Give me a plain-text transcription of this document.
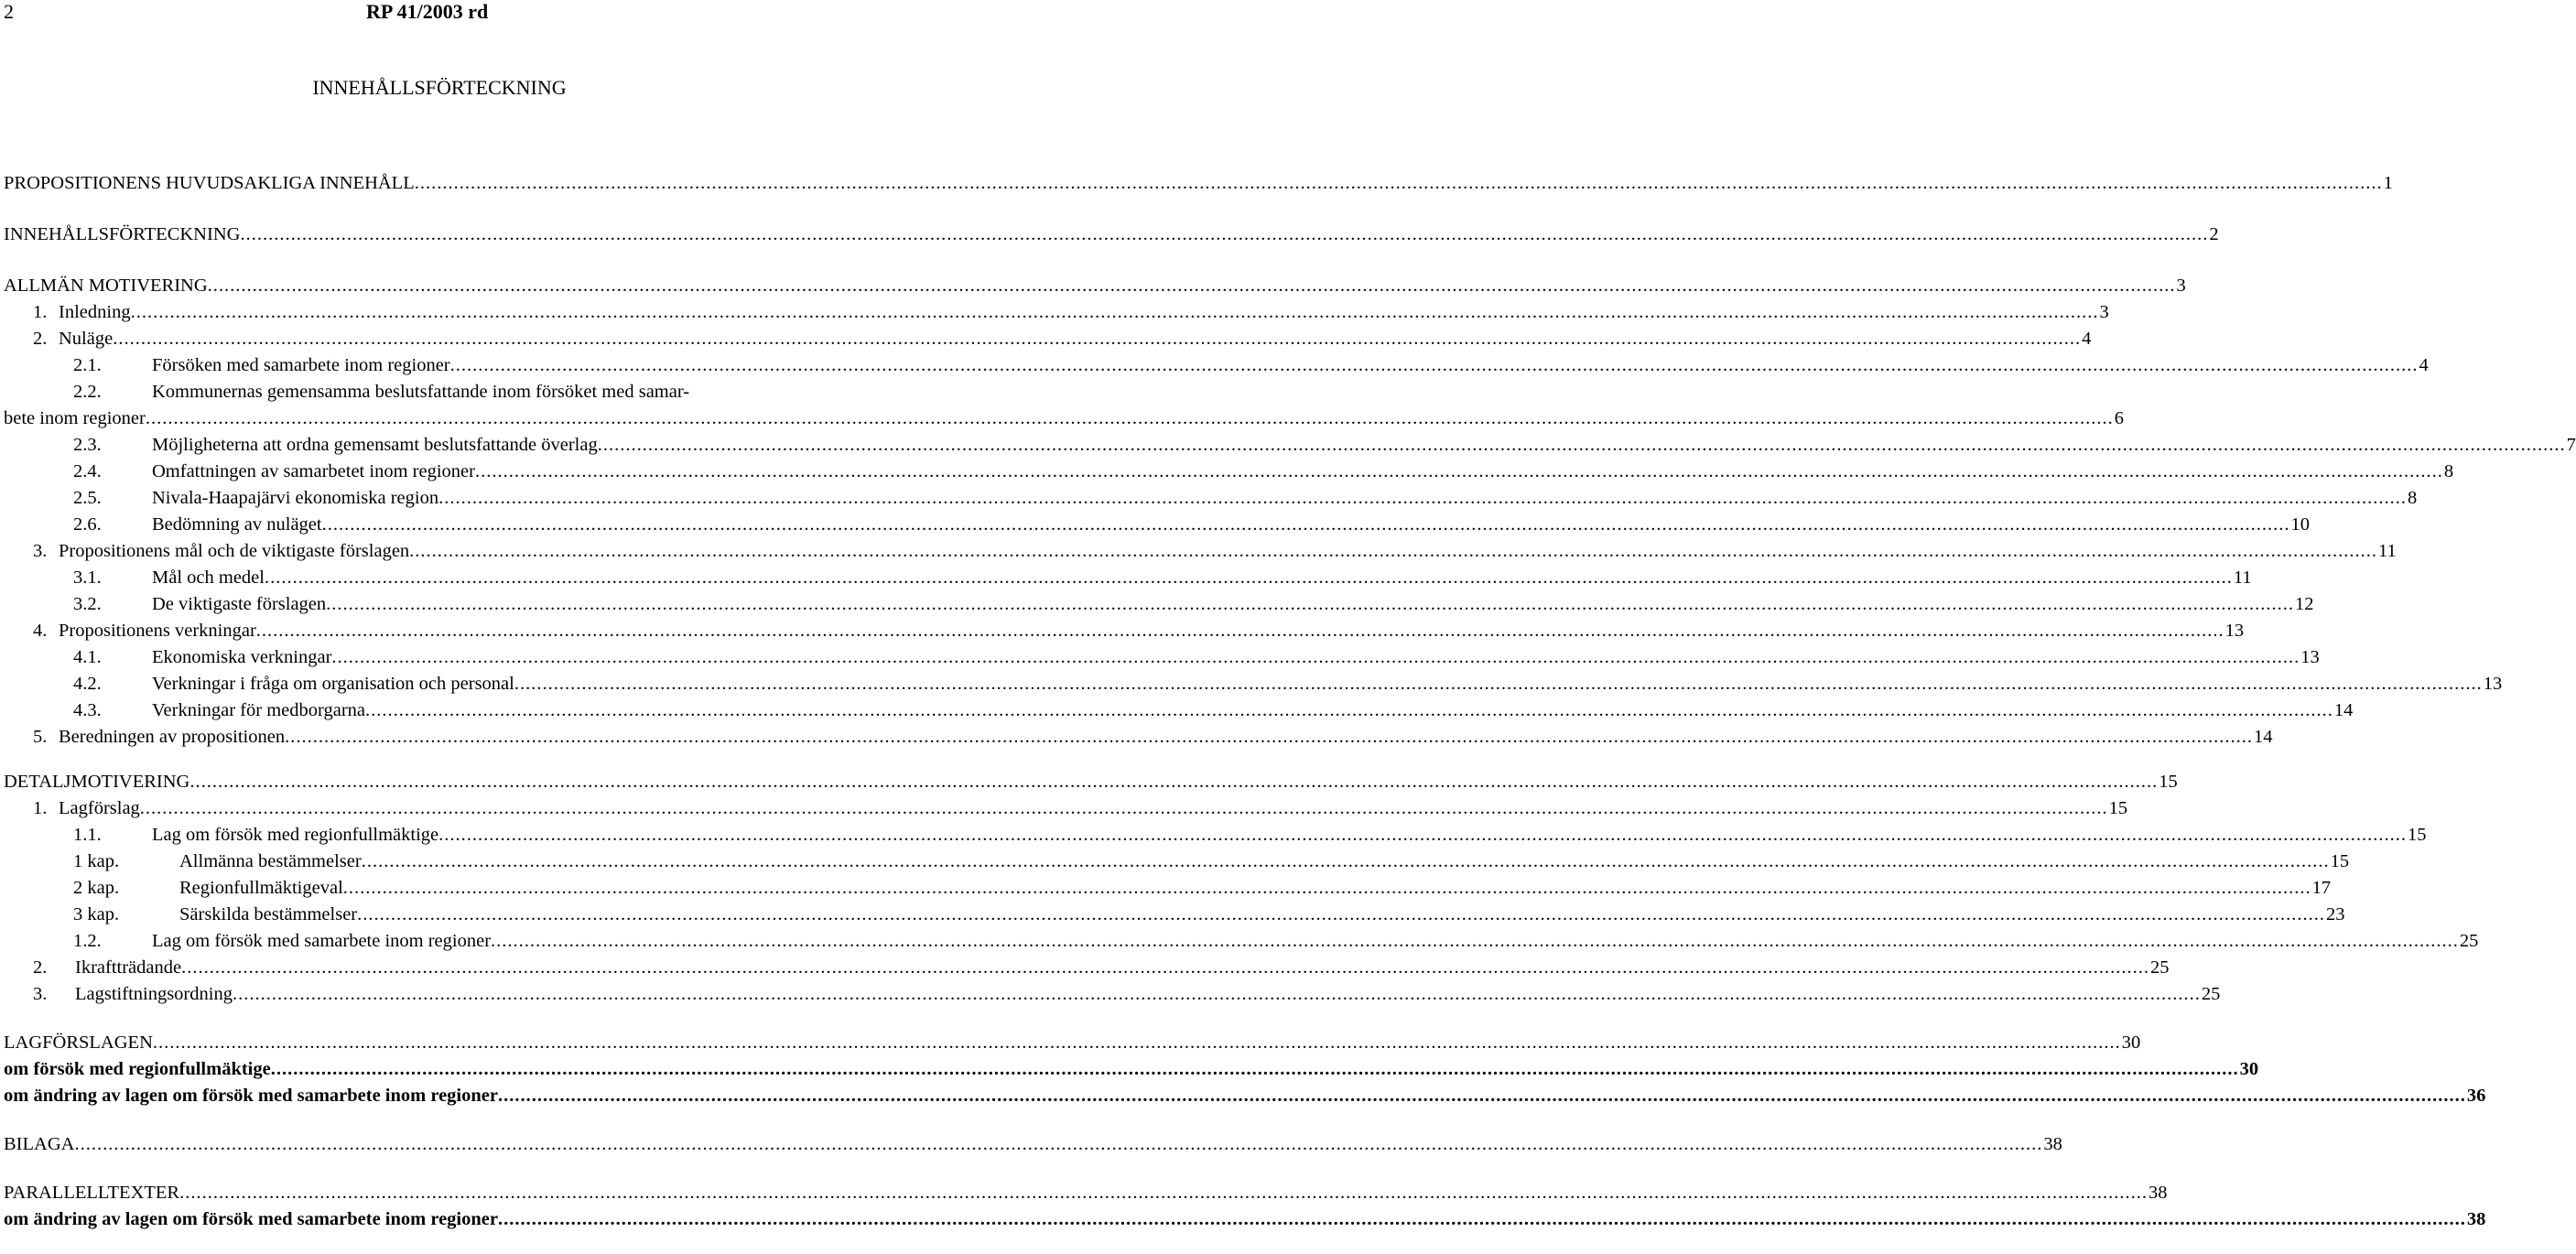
2	RP 41/2003 rd
INNEHÅLLSFÖRTECKNING
PROPOSITIONENS HUVUDSAKLIGA INNEHÅLL .....	1
INNEHÅLLSFÖRTECKNING .....	2
ALLMÄN MOTIVERING .....	3
1. Inledning .....	3
2. Nuläge .....	4
2.1.	Försöken med samarbete inom regioner .....	4
2.2.	Kommunernas gemensamma beslutsfattande inom försöket med samar-
bete inom regioner .....	6
2.3.	Möjligheterna att ordna gemensamt beslutsfattande överlag .....	7
2.4.	Omfattningen av samarbetet inom regioner .....	8
2.5.	Nivala-Haapajärvi ekonomiska region .....	8
2.6.	Bedömning av nuläget .....	10
3. Propositionens mål och de viktigaste förslagen .....	11
3.1.	Mål och medel .....	11
3.2.	De viktigaste förslagen .....	12
4. Propositionens verkningar .....	13
4.1.	Ekonomiska verkningar .....	13
4.2.	Verkningar i fråga om organisation och personal .....	13
4.3.	Verkningar för medborgarna .....	14
5. Beredningen av propositionen .....	14
DETALJMOTIVERING .....	15
1. Lagförslag .....	15
1.1.	Lag om försök med regionfullmäktige .....	15
1 kap.	Allmänna bestämmelser .....	15
2 kap.	Regionfullmäktigeval .....	17
3 kap.	Särskilda bestämmelser .....	23
1.2.	Lag om försök med samarbete inom regioner .....	25
2.	Ikraftträdande .....	25
3.	Lagstiftningsordning .....	25
LAGFÖRSLAGEN .....	30
om försök med regionfullmäktige .....	30
om ändring av lagen om försök med samarbete inom regioner .....	36
BILAGA .....	38
PARALLELLTEXTER .....	38
om ändring av lagen om försök med samarbete inom regioner .....	38
